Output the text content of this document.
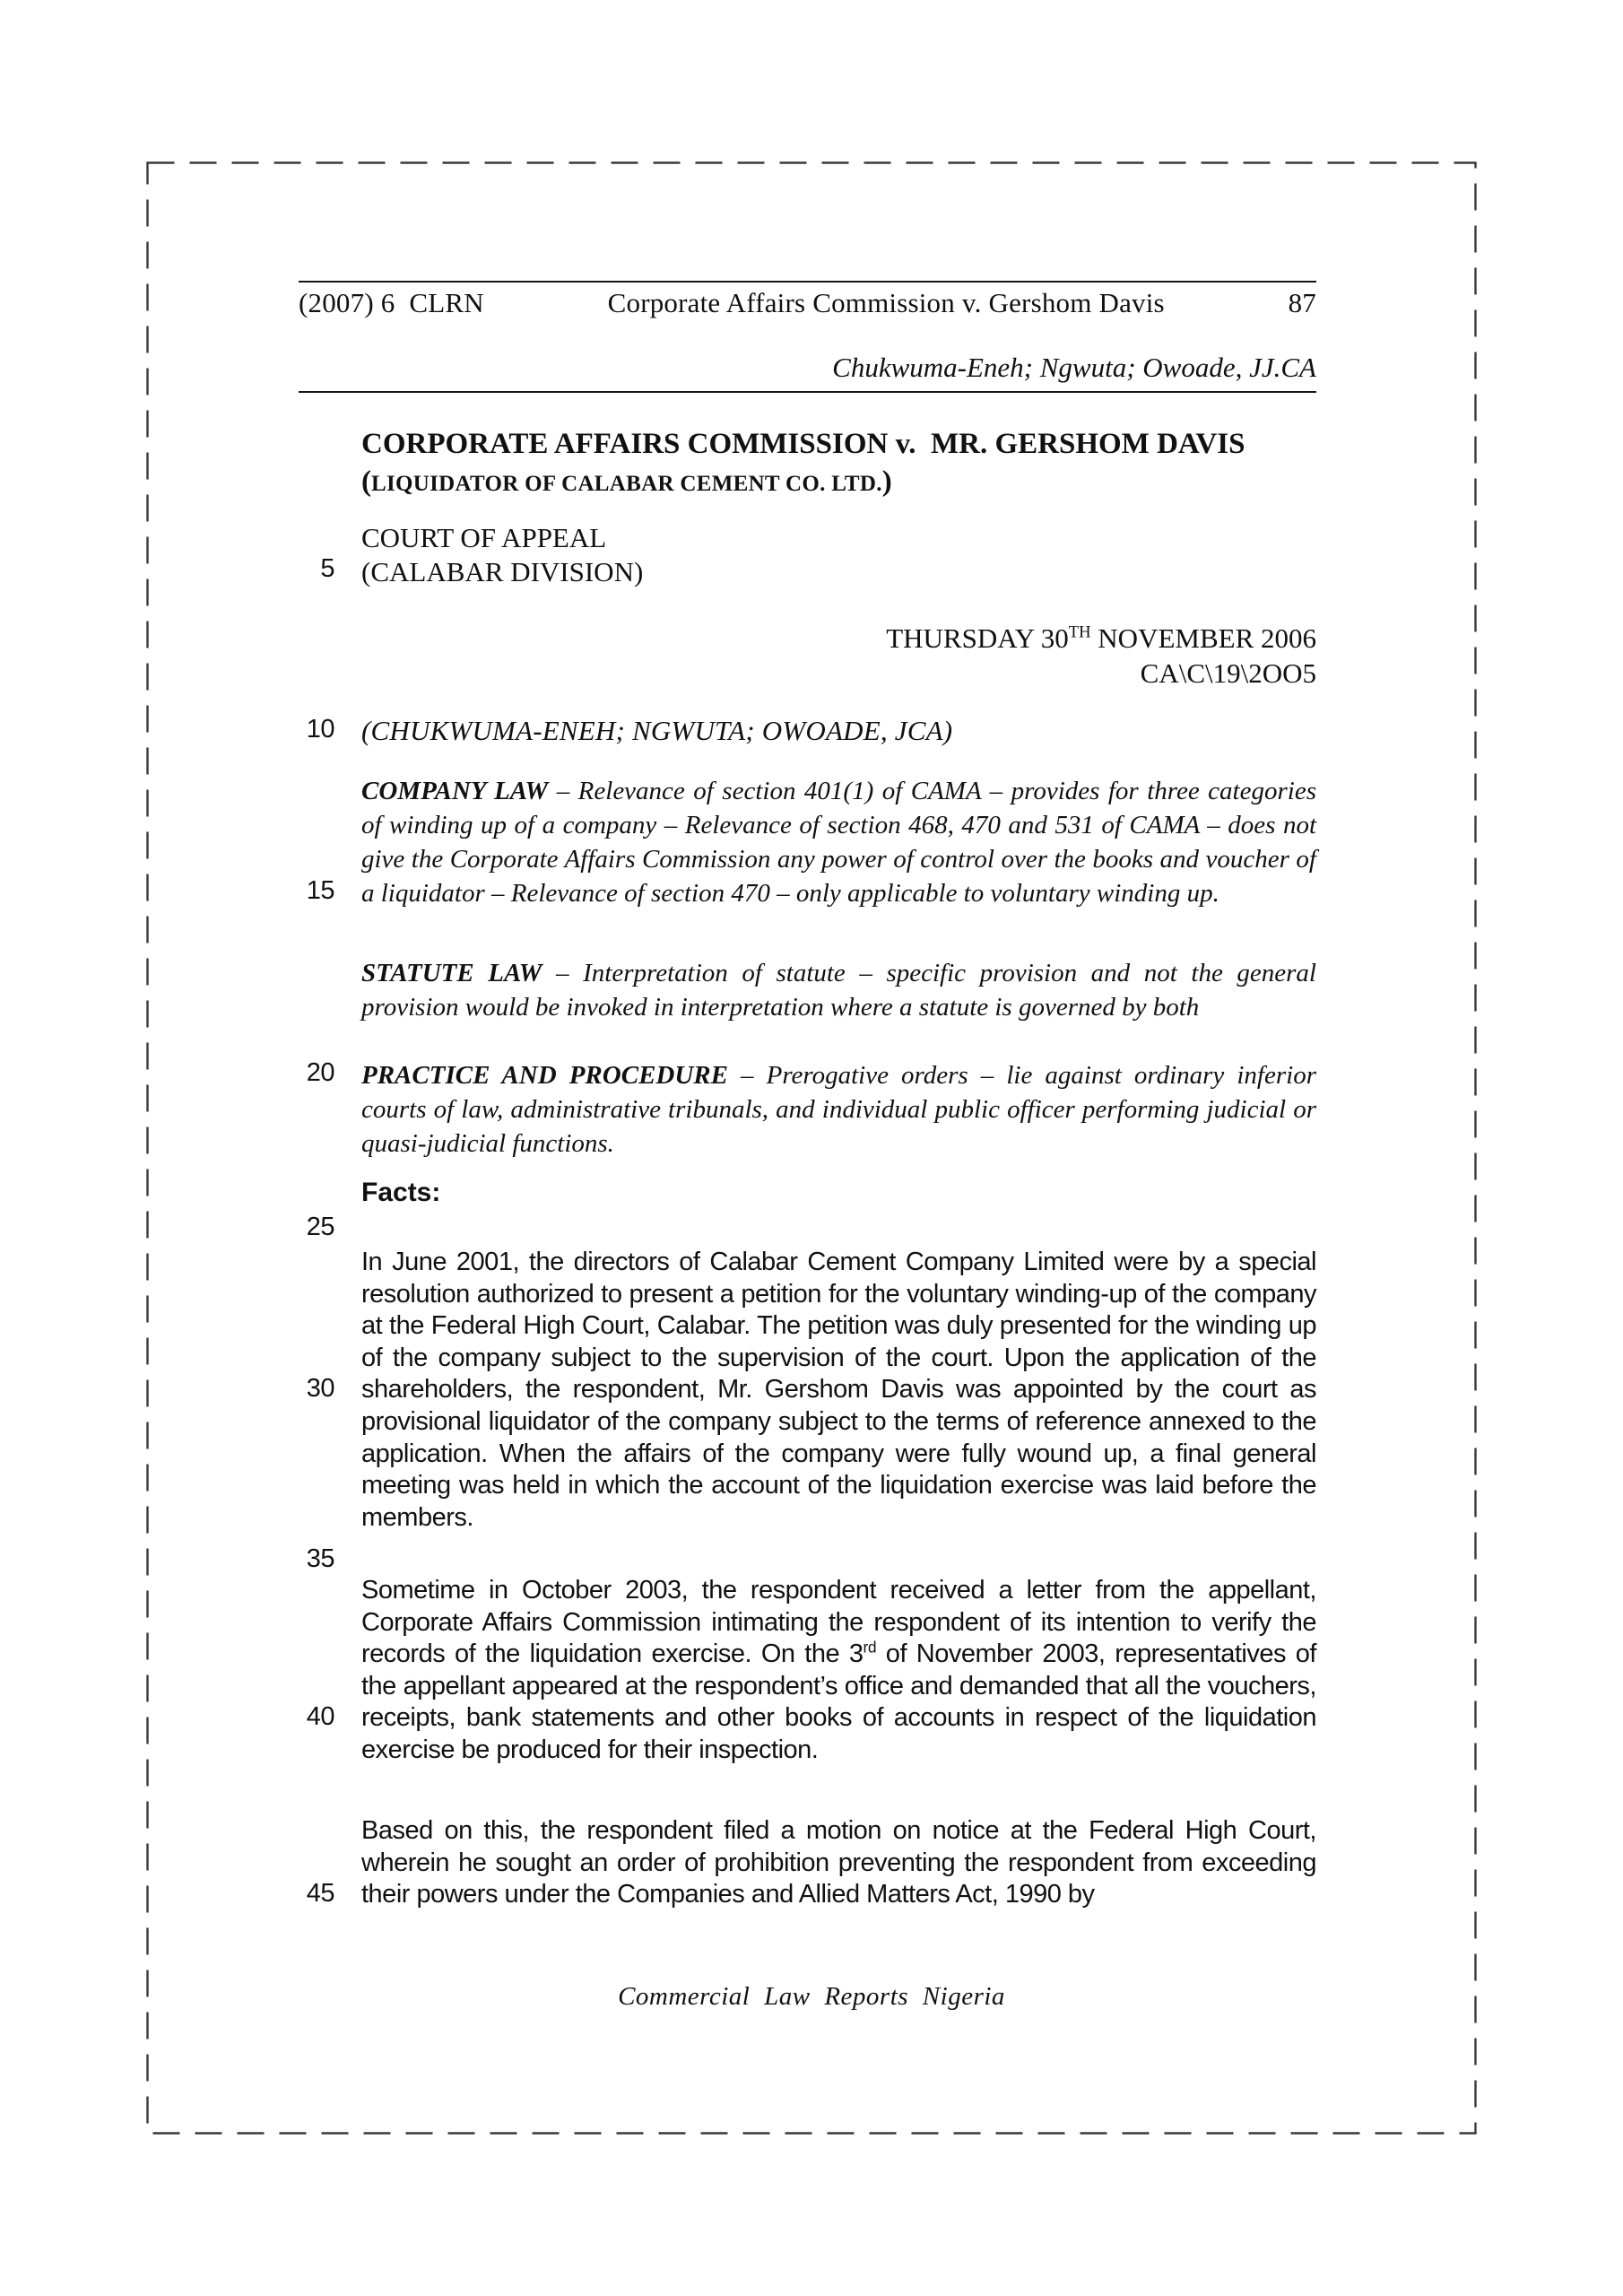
(2007) 6  CLRN	Corporate Affairs Commission v. Gershom Davis	87
Chukwuma-Eneh; Ngwuta; Owoade, JJ.CA
CORPORATE AFFAIRS COMMISSION v.  MR. GERSHOM DAVIS (LIQUIDATOR OF CALABAR CEMENT CO. LTD.)
COURT OF APPEAL
(CALABAR DIVISION)
THURSDAY 30TH NOVEMBER 2006
CA\C\19\2OO5
(CHUKWUMA-ENEH; NGWUTA; OWOADE, JCA)
COMPANY LAW – Relevance of section 401(1) of CAMA – provides for three categories of winding up of a company – Relevance of section 468, 470 and 531 of CAMA – does not give the Corporate Affairs Commission any power of control over the books and voucher of a liquidator – Relevance of section 470 – only applicable to voluntary winding up.
STATUTE LAW – Interpretation of statute – specific provision and not the general provision would be invoked in interpretation where a statute is governed by both
PRACTICE AND PROCEDURE – Prerogative orders – lie against ordinary inferior courts of law, administrative tribunals, and individual public officer performing judicial or quasi-judicial functions.
Facts:
In June 2001, the directors of Calabar Cement Company Limited were by a special resolution authorized to present a petition for the voluntary winding-up of the company at the Federal High Court, Calabar. The petition was duly presented for the winding up of the company subject to the supervision of the court. Upon the application of the shareholders, the respondent, Mr. Gershom Davis was appointed by the court as provisional liquidator of the company subject to the terms of reference annexed to the application. When the affairs of the company were fully wound up, a final general meeting was held in which the account of the liquidation exercise was laid before the members.
Sometime in October 2003, the respondent received a letter from the appellant, Corporate Affairs Commission intimating the respondent of its intention to verify the records of the liquidation exercise. On the 3rd of November 2003, representatives of the appellant appeared at the respondent’s office and demanded that all the vouchers, receipts, bank statements and other books of accounts in respect of the liquidation exercise be produced for their inspection.
Based on this, the respondent filed a motion on notice at the Federal High Court, wherein he sought an order of prohibition preventing the respondent from exceeding their powers under the Companies and Allied Matters Act, 1990 by
5
10
15
20
25
30
35
40
45
Commercial Law Reports Nigeria
